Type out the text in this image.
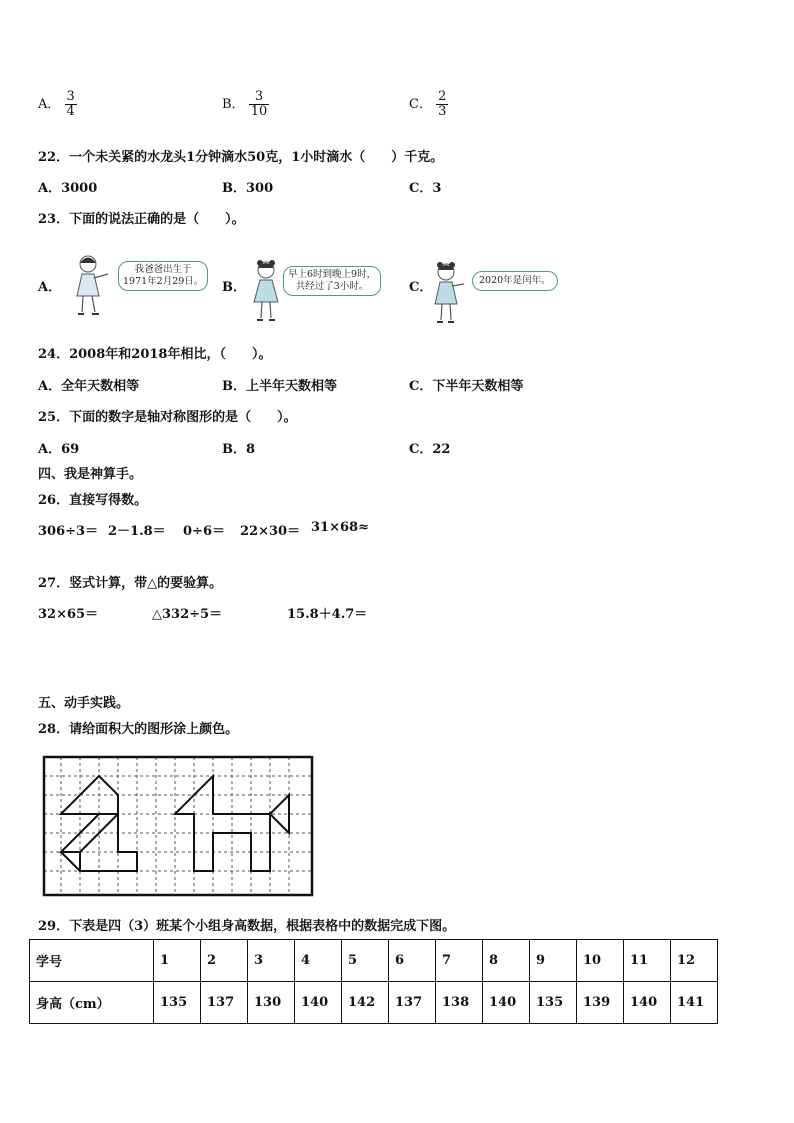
A． $\frac{3}{4}$	B． $\frac{3}{10}$	C． $\frac{2}{3}$
22．一个未关紧的水龙头1分钟滴水50克，1小时滴水（　　）千克。
A．3000	B．300	C．3
23．下面的说法正确的是（　　）。
A．
我爸爸出生于
1971年2月29日。 B．
早上6时到晚上9时，
共经过了3小时。	C．	2020年是闰年。
24．2008年和2018年相比，（　　）。
A．全年天数相等	B．上半年天数相等	C．下半年天数相等
25．下面的数字是轴对称图形的是（　　）。
A．69	B．8	C．22
四、我是神算手。
26．直接写得数。
306÷3＝ 2－1.8＝ 0÷6＝ 22×30＝ 31×68≈
27．竖式计算，带△的要验算。
32×65＝	△332÷5＝	15.8＋4.7＝
五、动手实践。
28．请给面积大的图形涂上颜色。
29．下表是四（3）班某个小组身高数据，根据表格中的数据完成下图。
学号	1	2	3	4	5	6	7	8	9	10	11	12
身高（cm）	135	137	130	140	142	137	138	140	135	139	140	141
